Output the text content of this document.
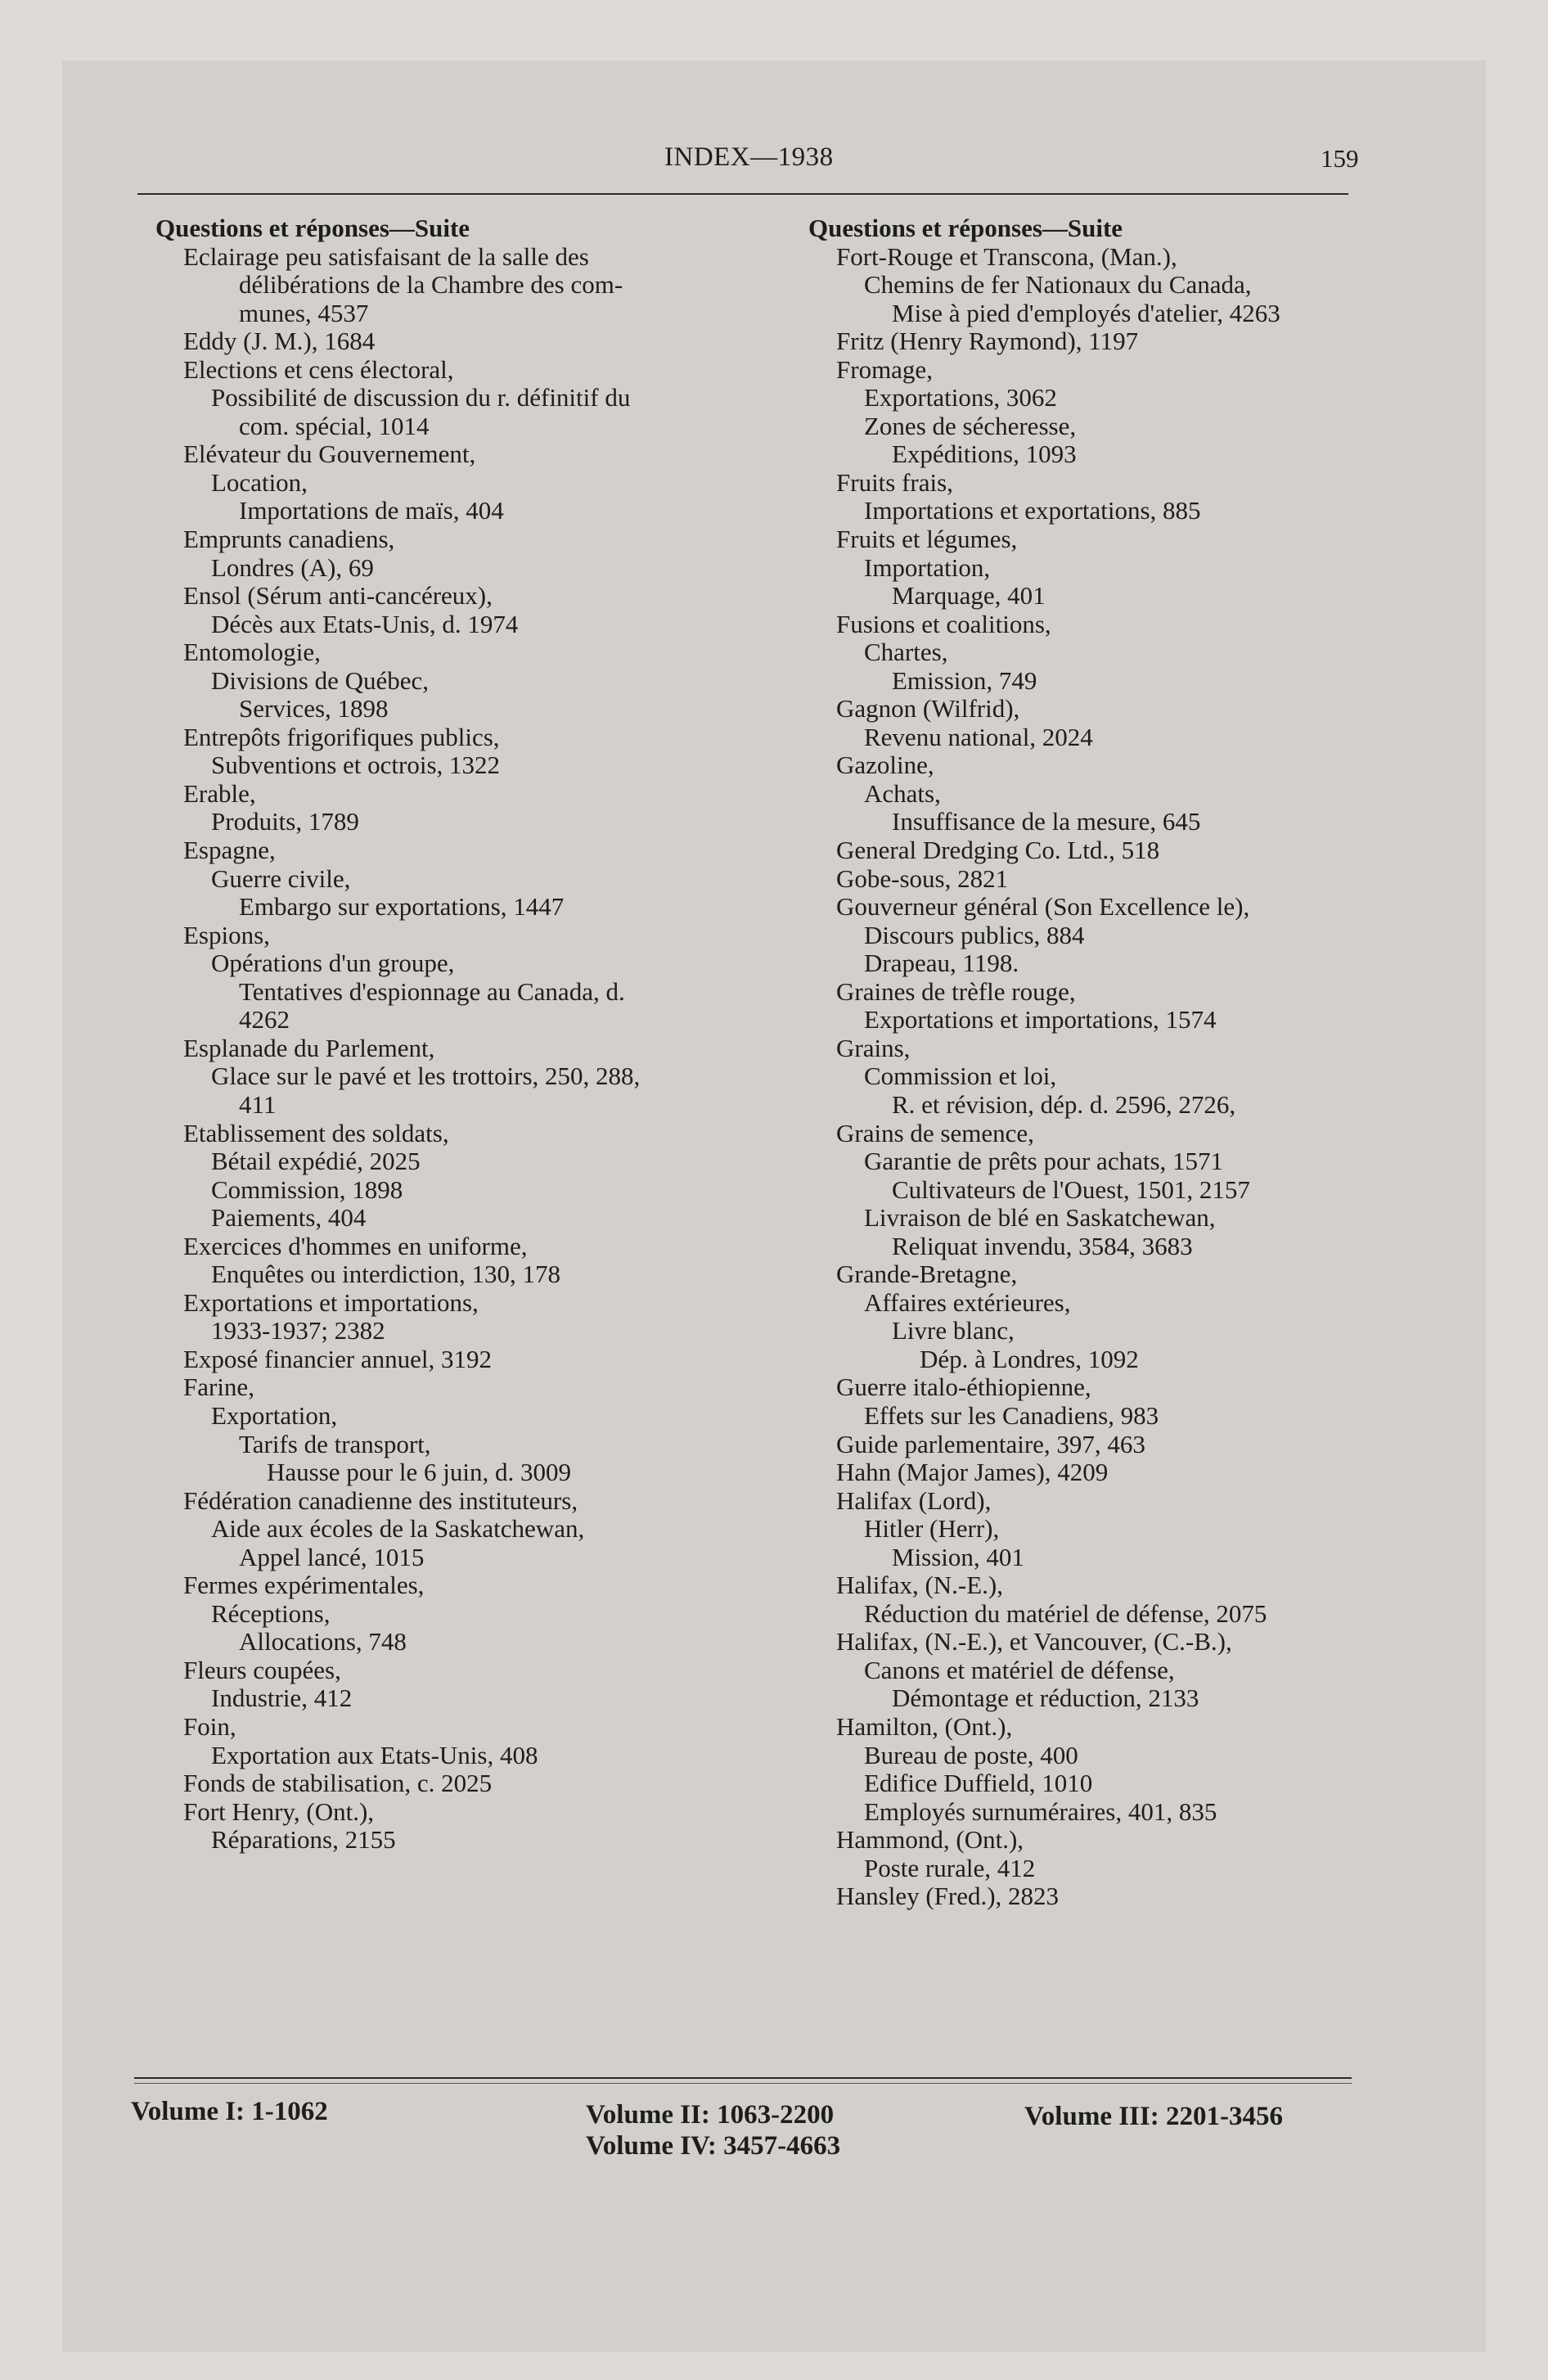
INDEX—1938	159
Questions et réponses—Suite
Eclairage peu satisfaisant de la salle des
délibérations de la Chambre des com-
munes, 4537
Eddy (J. M.), 1684
Elections et cens électoral,
Possibilité de discussion du r. définitif du
com. spécial, 1014
Elévateur du Gouvernement,
Location,
Importations de maïs, 404
Emprunts canadiens,
Londres (A), 69
Ensol (Sérum anti-cancéreux),
Décès aux Etats-Unis, d. 1974
Entomologie,
Divisions de Québec,
Services, 1898
Entrepôts frigorifiques publics,
Subventions et octrois, 1322
Erable,
Produits, 1789
Espagne,
Guerre civile,
Embargo sur exportations, 1447
Espions,
Opérations d'un groupe,
Tentatives d'espionnage au Canada, d.
4262
Esplanade du Parlement,
Glace sur le pavé et les trottoirs, 250, 288,
411
Etablissement des soldats,
Bétail expédié, 2025
Commission, 1898
Paiements, 404
Exercices d'hommes en uniforme,
Enquêtes ou interdiction, 130, 178
Exportations et importations,
1933-1937; 2382
Exposé financier annuel, 3192
Farine,
Exportation,
Tarifs de transport,
Hausse pour le 6 juin, d. 3009
Fédération canadienne des instituteurs,
Aide aux écoles de la Saskatchewan,
Appel lancé, 1015
Fermes expérimentales,
Réceptions,
Allocations, 748
Fleurs coupées,
Industrie, 412
Foin,
Exportation aux Etats-Unis, 408
Fonds de stabilisation, c. 2025
Fort Henry, (Ont.),
Réparations, 2155
Questions et réponses—Suite
Fort-Rouge et Transcona, (Man.),
Chemins de fer Nationaux du Canada,
Mise à pied d'employés d'atelier, 4263
Fritz (Henry Raymond), 1197
Fromage,
Exportations, 3062
Zones de sécheresse,
Expéditions, 1093
Fruits frais,
Importations et exportations, 885
Fruits et légumes,
Importation,
Marquage, 401
Fusions et coalitions,
Chartes,
Emission, 749
Gagnon (Wilfrid),
Revenu national, 2024
Gazoline,
Achats,
Insuffisance de la mesure, 645
General Dredging Co. Ltd., 518
Gobe-sous, 2821
Gouverneur général (Son Excellence le),
Discours publics, 884
Drapeau, 1198.
Graines de trèfle rouge,
Exportations et importations, 1574
Grains,
Commission et loi,
R. et révision, dép. d. 2596, 2726,
Grains de semence,
Garantie de prêts pour achats, 1571
Cultivateurs de l'Ouest, 1501, 2157
Livraison de blé en Saskatchewan,
Reliquat invendu, 3584, 3683
Grande-Bretagne,
Affaires extérieures,
Livre blanc,
Dép. à Londres, 1092
Guerre italo-éthiopienne,
Effets sur les Canadiens, 983
Guide parlementaire, 397, 463
Hahn (Major James), 4209
Halifax (Lord),
Hitler (Herr),
Mission, 401
Halifax, (N.-E.),
Réduction du matériel de défense, 2075
Halifax, (N.-E.), et Vancouver, (C.-B.),
Canons et matériel de défense,
Démontage et réduction, 2133
Hamilton, (Ont.),
Bureau de poste, 400
Edifice Duffield, 1010
Employés surnuméraires, 401, 835
Hammond, (Ont.),
Poste rurale, 412
Hansley (Fred.), 2823
Volume I: 1-1062	Volume II: 1063-2200	Volume III: 2201-3456
Volume IV: 3457-4663
